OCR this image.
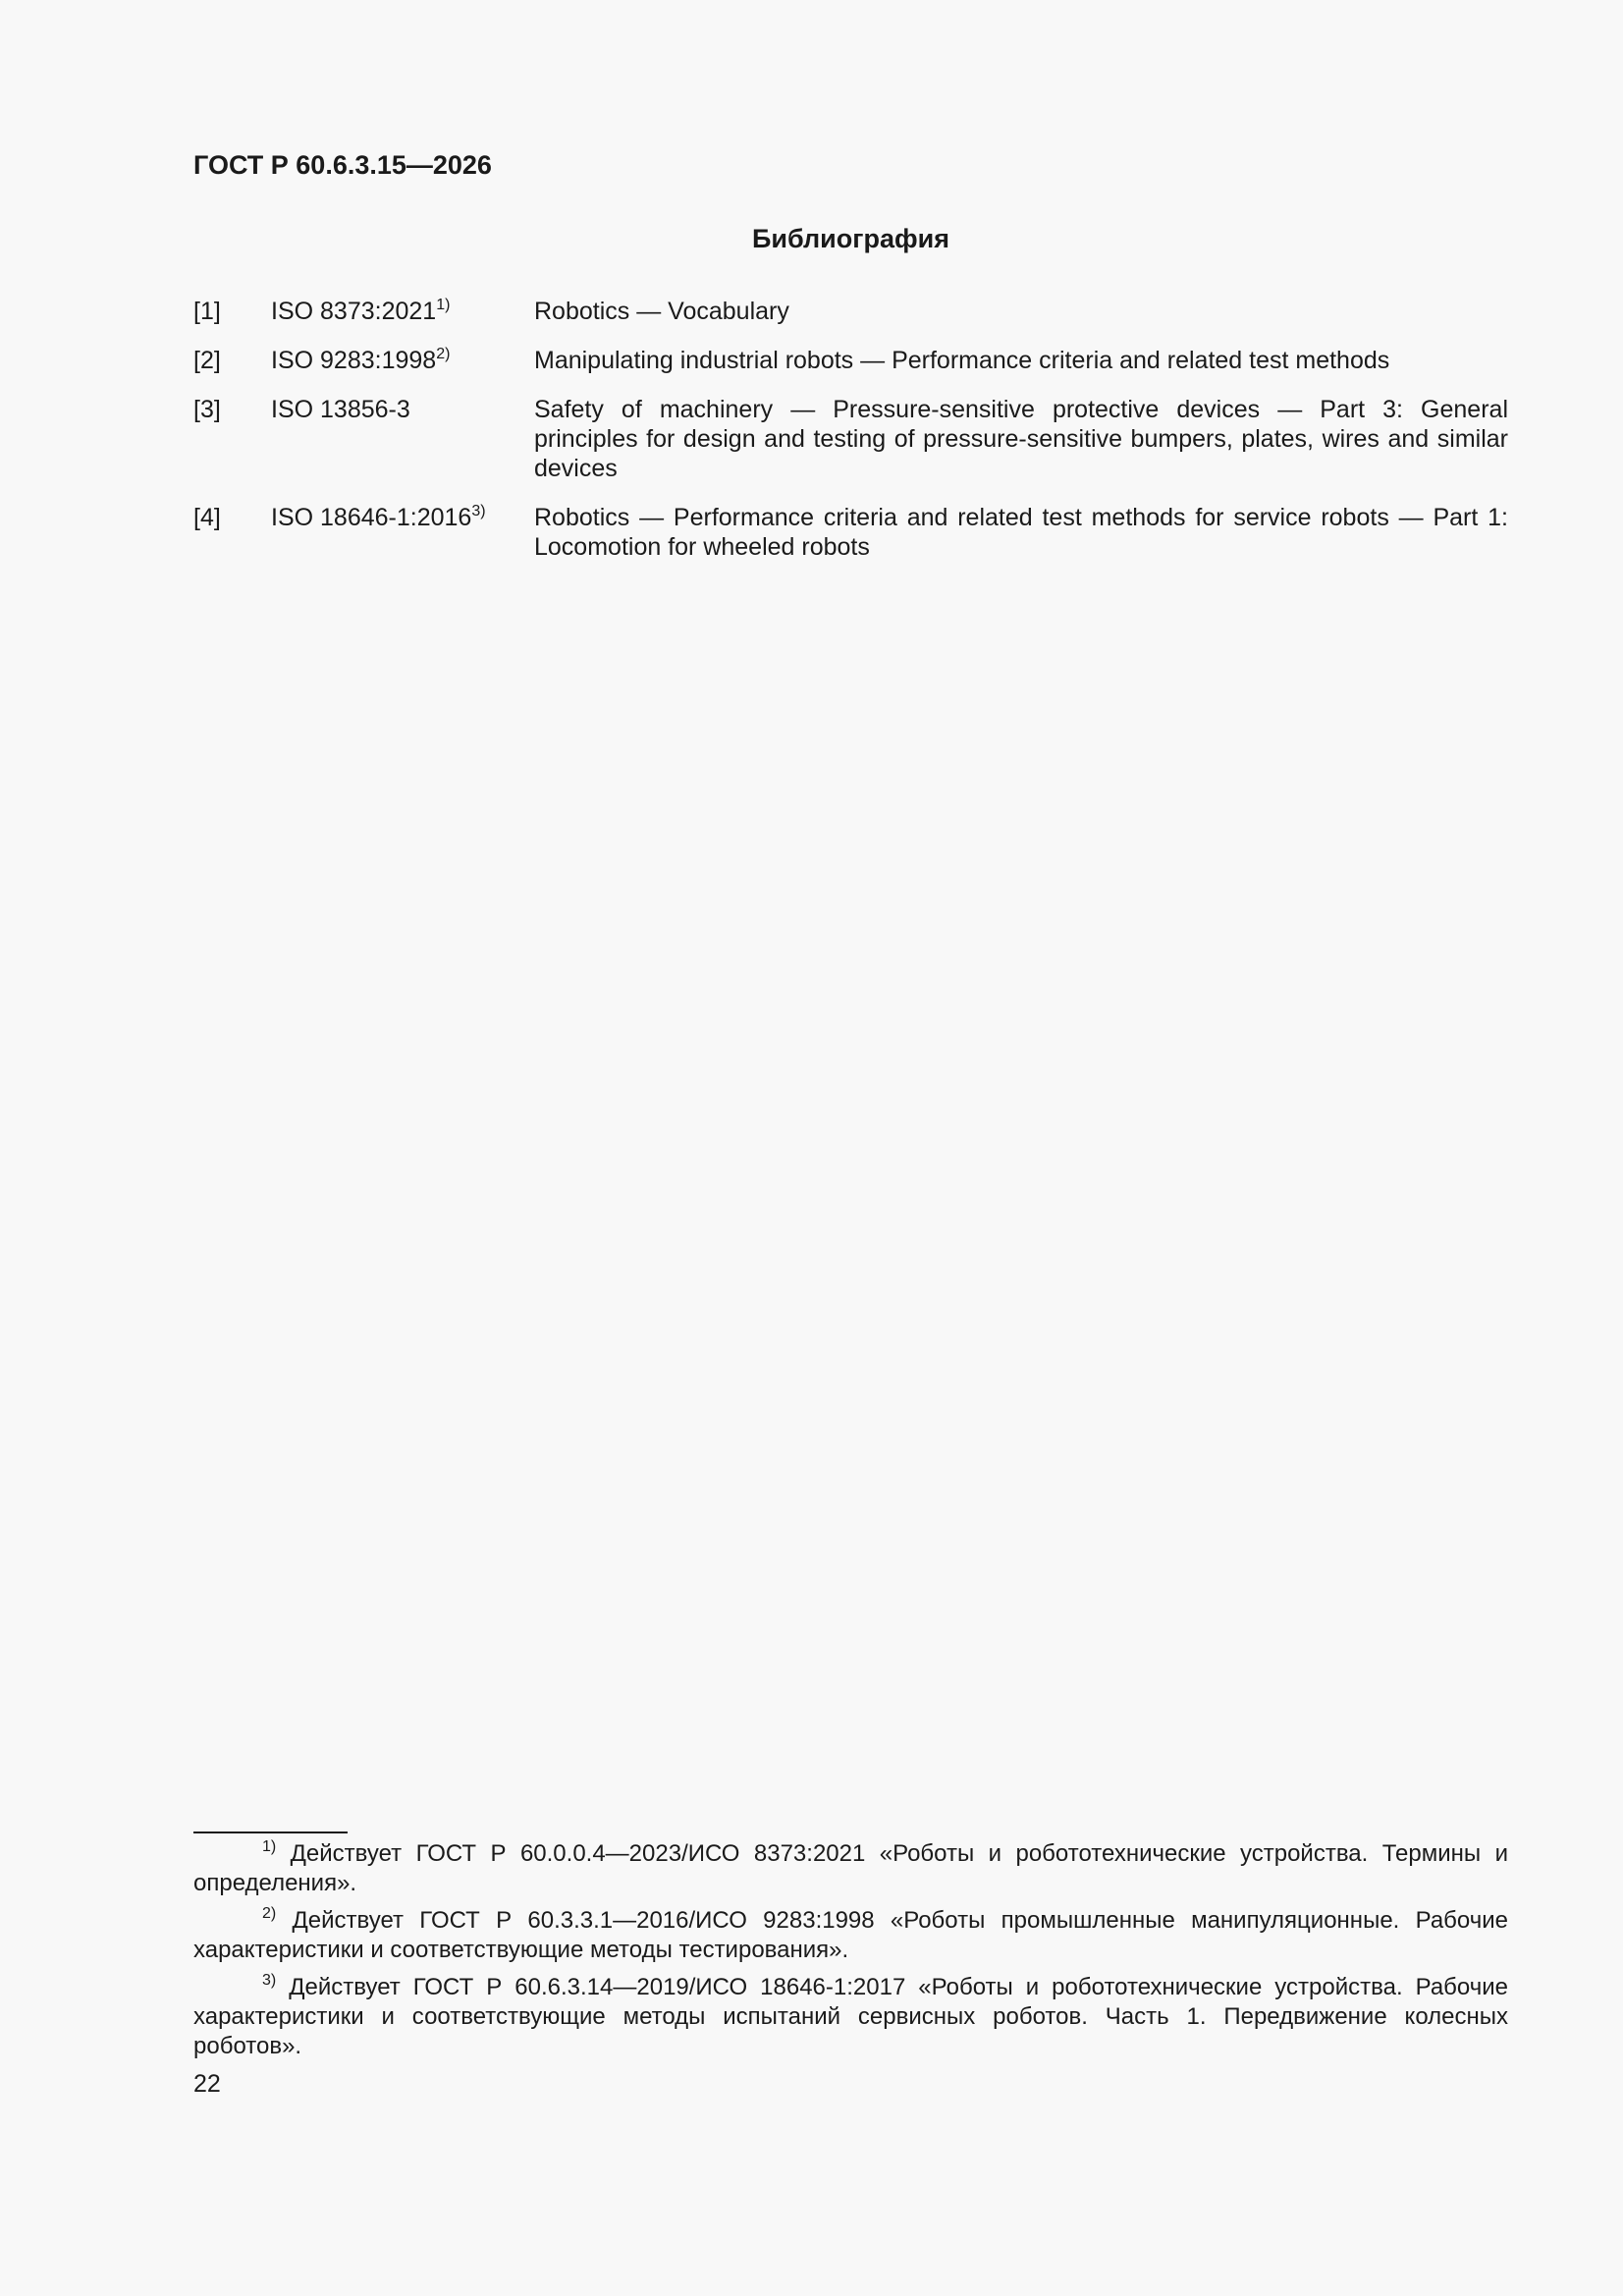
ГОСТ Р 60.6.3.15—2026

Библиография

[1]	ISO 8373:2021$^{1)}$	Robotics — Vocabulary
[2]	ISO 9283:1998$^{2)}$	Manipulating industrial robots — Performance criteria and related test methods
[3]	ISO 13856-3	Safety of machinery — Pressure-sensitive protective devices — Part 3: General principles for design and testing of pressure-sensitive bumpers, plates, wires and similar devices
[4]	ISO 18646-1:2016$^{3)}$	Robotics — Performance criteria and related test methods for service robots — Part 1: Locomotion for wheeled robots

$^{1)}$ Действует ГОСТ Р 60.0.0.4—2023/ИСО 8373:2021 «Роботы и робототехнические устройства. Термины и определения».

$^{2)}$ Действует ГОСТ Р 60.3.3.1—2016/ИСО 9283:1998 «Роботы промышленные манипуляционные. Рабочие характеристики и соответствующие методы тестирования».

$^{3)}$ Действует ГОСТ Р 60.6.3.14—2019/ИСО 18646-1:2017 «Роботы и робототехнические устройства. Рабочие характеристики и соответствующие методы испытаний сервисных роботов. Часть 1. Передвижение колесных роботов».

22
